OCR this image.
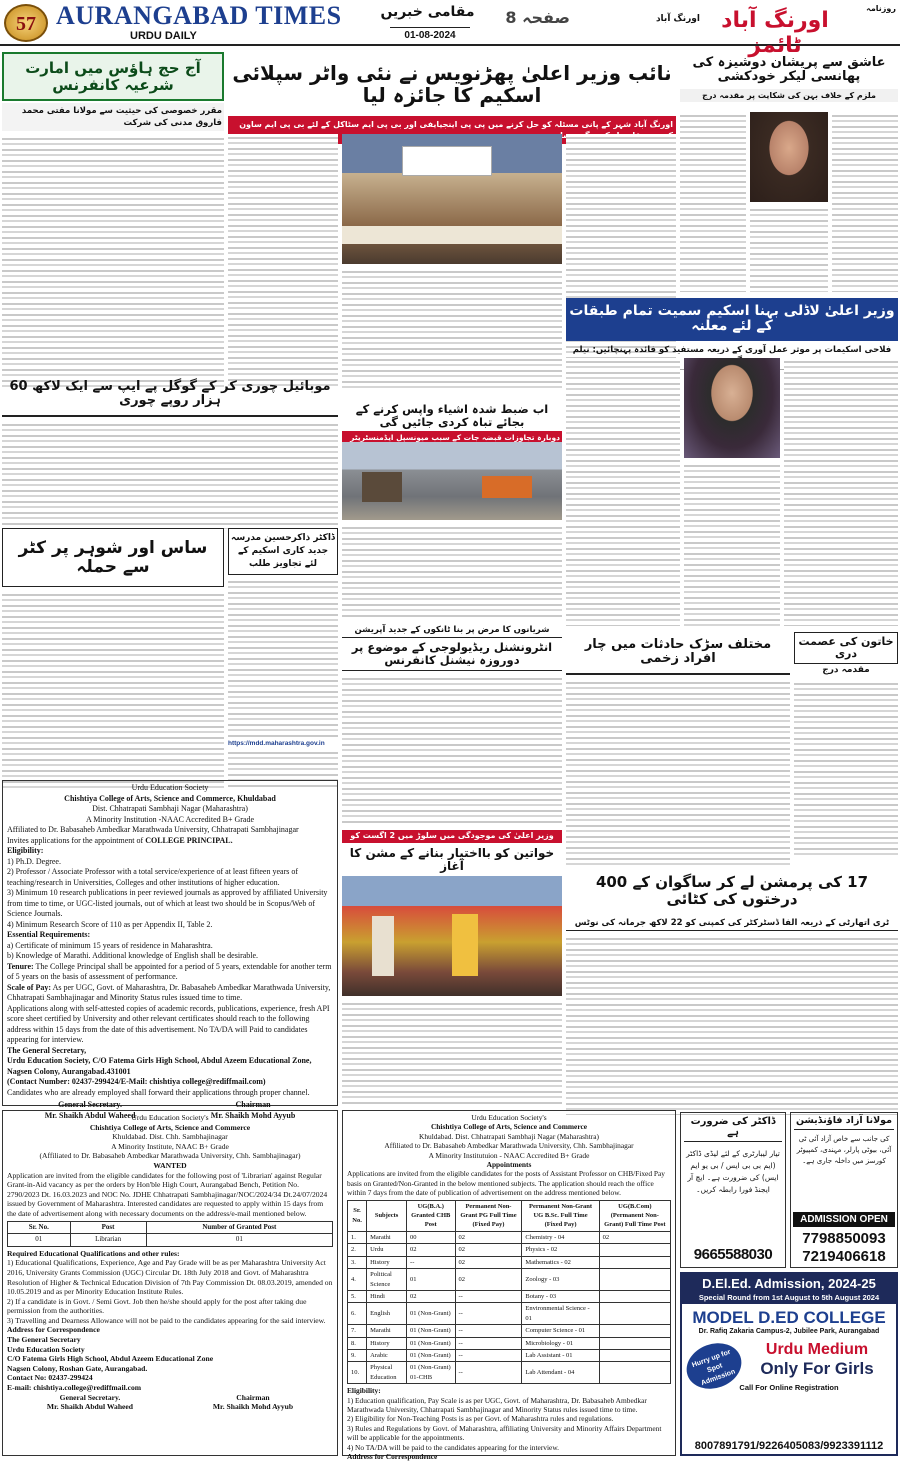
57 AURANGABAD TIMES
URDU DAILY
مقامی خبریں
01-08-2024
صفحہ 8	روزنامہ
اورنگ آباد ٹائمز
اورنگ آباد
آج حج ہاؤس میں امارت شرعیہ کانفرنس
مقرر خصوصی کی حیثیت سے مولانا مفتی محمد فاروق مدنی کی شرکت
نائب وزیر اعلیٰ پھڑنویس نے نئی واٹر سپلائی اسکیم کا جائزہ لیا
اورنگ آباد شہر کے پانی مسئلہ کو حل کرنے میں پی پی اینجیایفی اور بی پی ایم سٹاکل کے لئے بی پی ایم ساون ساو
عاشق سے پریشان دوشیزہ کی پھانسی لیکر خودکشی
ملزم کے خلاف بہن کی شکایت پر مقدمہ درج
وزیر اعلیٰ لاڈلی بہنا اسکیم سمیت تمام طبقات کے لئے معلنہ
فلاحی اسکیمات پر موثر عمل آوری کے ذریعہ مستفید کو فائدہ پہنچائیں: نیلم
موبائیل چوری کر کے گوگل پے ایپ سے ایک لاکھ 60 ہزار روپے چوری
اب ضبط شدہ اشیاء واپس کرنے کے بجائے تباہ کردی جائیں گی
دوبارہ تجاوزات قبضہ جات کے سبب میونسپل ایڈمنسٹریٹر
ساس اور شوہر پر کٹر سے حملہ
ڈاکٹر ذاکرحسین مدرسہ جدید کاری اسکیم کے لئے تجاویز طلب
https://mdd.maharashtra.gov.in
شریانوں کا مرض پر بنا ٹانکوں کے جدید آپریشن
انٹرونشنل ریڈیولوجی کے موضوع پر دوروزہ نیشنل کانفرنس
مختلف سڑک حادثات میں چار افراد زخمی
خاتون کی عصمت دری
مقدمہ درج
وزیر اعلیٰ کی موجودگی میں سلوڑ میں 2 اگست کو
خواتین کو بااختیار بنانے کے مشن کا آغاز
17 کی پرمشن لے کر ساگوان کے 400 درختوں کی کٹائی
ٹری اتھارٹی کے ذریعہ الفا ڈسٹرکٹر کی کمپنی کو 22 لاکھ جرمانہ کی نوٹس
Urdu Education Society
Chishtiya College of Arts, Science and Commerce, Khuldabad
Dist. Chhatrapati Sambhaji Nagar (Maharashtra)
A Minority Institution -NAAC Accredited B+ Grade
Affiliated to Dr. Babasaheb Ambedkar Marathwada University, Chhatrapati Sambhajinagar
Invites applications for the appointment of COLLEGE PRINCIPAL.
Eligibility:
1) Ph.D. Degree.
2) Professor / Associate Professor with a total service/experience of at least fifteen years of teaching/research in Universities, Colleges and other institutions of higher education.
3) Minimum 10 research publications in peer reviewed journals as approved by affiliated University from time to time, or UGC-listed journals, out of which at least two should be in Scopus/Web of Science Journals.
4) Minimum Research Score of 110 as per Appendix II, Table 2.
Essential Requirements:
a) Certificate of minimum 15 years of residence in Maharashtra.
b) Knowledge of Marathi. Additional knowledge of English shall be desirable.
Tenure: The College Principal shall be appointed for a period of 5 years, extendable for another term of 5 years on the basis of assessment of performance.
Scale of Pay: As per UGC, Govt. of Maharashtra, Dr. Babasaheb Ambedkar Marathwada University, Chhatrapati Sambhajinagar and Minority Status rules issued time to time.
Applications along with self-attested copies of academic records, publications, experience, fresh API score sheet certified by University and other relevant certificates should reach to the following address within 15 days from the date of this advertisement. No TA/DA will Paid to candidates appearing for interview.
The General Secretary,
Urdu Education Society, C/O Fatema Girls High School, Abdul Azeem Educational Zone, Nagsen Colony, Aurangabad.431001
(Contact Number: 02437-299424/E-Mail: chishtiya college@rediffmail.com)
Candidates who are already employed shall forward their applications through proper channel.
General Secretary.
Mr. Shaikh Abdul Waheed
Chairman
Mr. Shaikh Mohd Ayyub
Urdu Education Society's
Chishtiya College of Arts, Science and Commerce
Khuldabad. Dist. Chh. Sambhajinagar
A Minority Institute, NAAC B+ Grade
(Affiliated to Dr. Babasaheb Ambedkar Marathwada University, Chh. Sambhajinagar)
WANTED
Application are invited from the eligible candidates for the following post of 'Librarian' against Regular Grant-in-Aid vacancy as per the orders by Hon'ble High Court, Aurangabad Bench, Petition No. 2790/2023 Dt. 16.03.2023 and NOC No. JDHE Chhatrapati Sambhajinagar/NOC/2024/34 Dt.24/07/2024 issued by Government of Maharashtra. Interested candidates are requested to apply within 15 days from the date of advertisement along with necessary documents on the address/e-mail mentioned below.
Sr. No.	Post	Number of Granted Post
01	Librarian	01
Required Educational Qualifications and other rules:
1) Educational Qualifications, Experience, Age and Pay Grade will be as per Maharashtra University Act 2016, University Grants Commission (UGC) Circular Dt. 18th July 2018 and Govt. of Maharashtra Resolution of Higher & Technical Education Division of 7th Pay Commission Dt. 08.03.2019, amended on 10.05.2019 and as per Minority Education Institute Rules.
2) If a candidate is in Govt. / Semi Govt. Job then he/she should apply for the post after taking due permission from the authorities.
3) Travelling and Dearness Allowance will not be paid to the candidates appearing for the said interview.
Address for Correspondence
The General Secretary
Urdu Education Society
C/O Fatema Girls High School, Abdul Azeem Educational Zone
Nagsen Colony, Roshan Gate, Aurangabad.
Contact No: 02437-299424
E-mail: chishtiya.college@rediffmail.com
General Secretary.
Mr. Shaikh Abdul Waheed
Chairman
Mr. Shaikh Mohd Ayyub
Urdu Education Society's
Chishtiya College of Arts, Science and Commerce
Khuldabad. Dist. Chhatrapati Sambhaji Nagar (Maharashtra)
Affiliated to Dr. Babasaheb Ambedkar Marathwada University, Chh. Sambhajinagar
A Minority Institutuion - NAAC Accredited B+ Grade
Appointments
Applications are invited from the eligible candidates for the posts of Assistant Professor on CHB/Fixed Pay basis on Granted/Non-Granted in the below mentioned subjects. The application should reach the office within 7 days from the date of publication of advertisement on the address mentioned below.
Sr. No.	Subjects	UG(B.A.) Granted CHB Post	Permanent Non-Grant PG Full Time (Fixed Pay)	Permanent Non-Grant UG B.Sc. Full Time (Fixed Pay)	UG(B.Com) (Permanent Non-Grant) Full Time Post
1.	Marathi	00	02	Chemistry - 04	02
2.	Urdu	02	02	Physics - 02	
3.	History	--	02	Mathematics - 02	
4.	Political Science	01	02	Zoology - 03	
5.	Hindi	02	--	Botany - 03	
6.	English	01 (Non-Grant)	--	Environmental Science - 01	
7.	Marathi	01 (Non-Grant)	--	Computer Science - 01	
8.	History	01 (Non-Grant)	--	Microbiology - 01	
9.	Arabic	01 (Non-Grant)	--	Lab Assistant - 01	
10.	Physical Education	01 (Non-Grant) 01-CHB	--	Lab Attendant - 04	
Eligibility:
1) Education qualification, Pay Scale is as per UGC, Govt. of Maharashtra, Dr. Babasaheb Ambedkar Marathwada University, Chhatrapati Sambhajinagar and Minority Status rules issued time to time.
2) Eligibility for Non-Teaching Posts is as per Govt. of Maharashtra rules and regulations.
3) Rules and Regulations by Govt. of Maharashtra, affiliating University and Minority Affairs Department will be applicable for the appointments.
4) No TA/DA will be paid to the candidates appearing for the interview.
Address for Correspondence
ڈاکٹر کی ضرورت ہے
تیار لیبارٹری کے لئے لیڈی ڈاکٹر (ایم بی بی ایس / بی یو ایم ایس) کی ضرورت ہے۔ ایچ آر ایجنڈ فورا رابطہ کریں۔
9665588030
مولانا آزاد فاؤنڈیشن
کی جانب سے خاص آزاد آئی ٹی آئی، بیوٹی پارلر، مہندی، کمپیوٹر کورسز میں داخلہ جاری ہے۔
ADMISSION OPEN
7798850093
7219406618
D.El.Ed. Admission, 2024-25
Special Round from 1st August to 5th August 2024
MODEL D.ED COLLEGE
Dr. Rafiq Zakaria Campus-2, Jubilee Park, Aurangabad
Hurry up for Spot Admission
Urdu Medium
Only For Girls
Call For Online Registration
8007891791/9226405083/9923391112
